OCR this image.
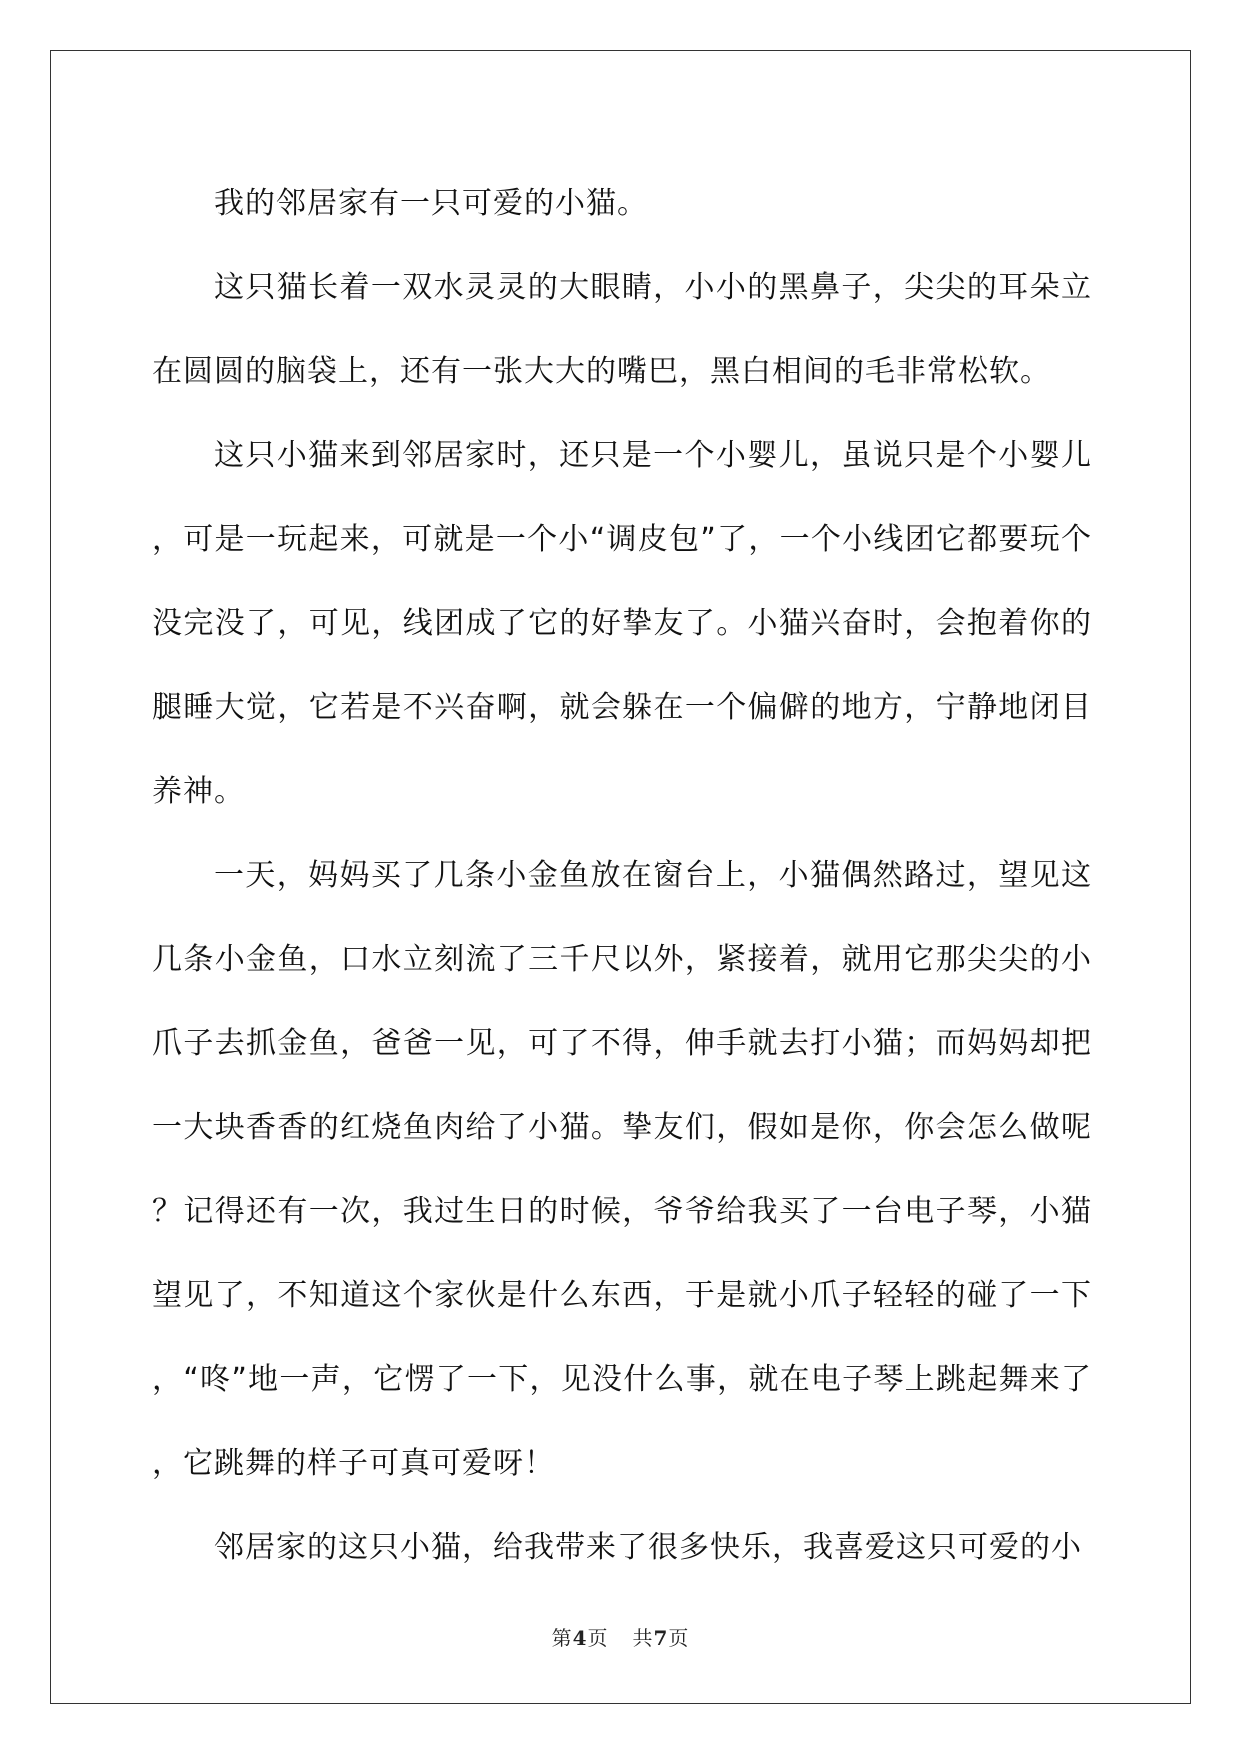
我的邻居家有一只可爱的小猫。

这只猫长着一双水灵灵的大眼睛，小小的黑鼻子，尖尖的耳朵立在圆圆的脑袋上，还有一张大大的嘴巴，黑白相间的毛非常松软。

这只小猫来到邻居家时，还只是一个小婴儿，虽说只是个小婴儿，可是一玩起来，可就是一个小“调皮包”了，一个小线团它都要玩个没完没了，可见，线团成了它的好挚友了。小猫兴奋时，会抱着你的腿睡大觉，它若是不兴奋啊，就会躲在一个偏僻的地方，宁静地闭目养神。

一天，妈妈买了几条小金鱼放在窗台上，小猫偶然路过，望见这几条小金鱼，口水立刻流了三千尺以外，紧接着，就用它那尖尖的小爪子去抓金鱼，爸爸一见，可了不得，伸手就去打小猫；而妈妈却把一大块香香的红烧鱼肉给了小猫。挚友们，假如是你，你会怎么做呢？记得还有一次，我过生日的时候，爷爷给我买了一台电子琴，小猫望见了，不知道这个家伙是什么东西，于是就小爪子轻轻的碰了一下，“咚”地一声，它愣了一下，见没什么事，就在电子琴上跳起舞来了，它跳舞的样子可真可爱呀！

邻居家的这只小猫，给我带来了很多快乐，我喜爱这只可爱的小

第4页 共7页
